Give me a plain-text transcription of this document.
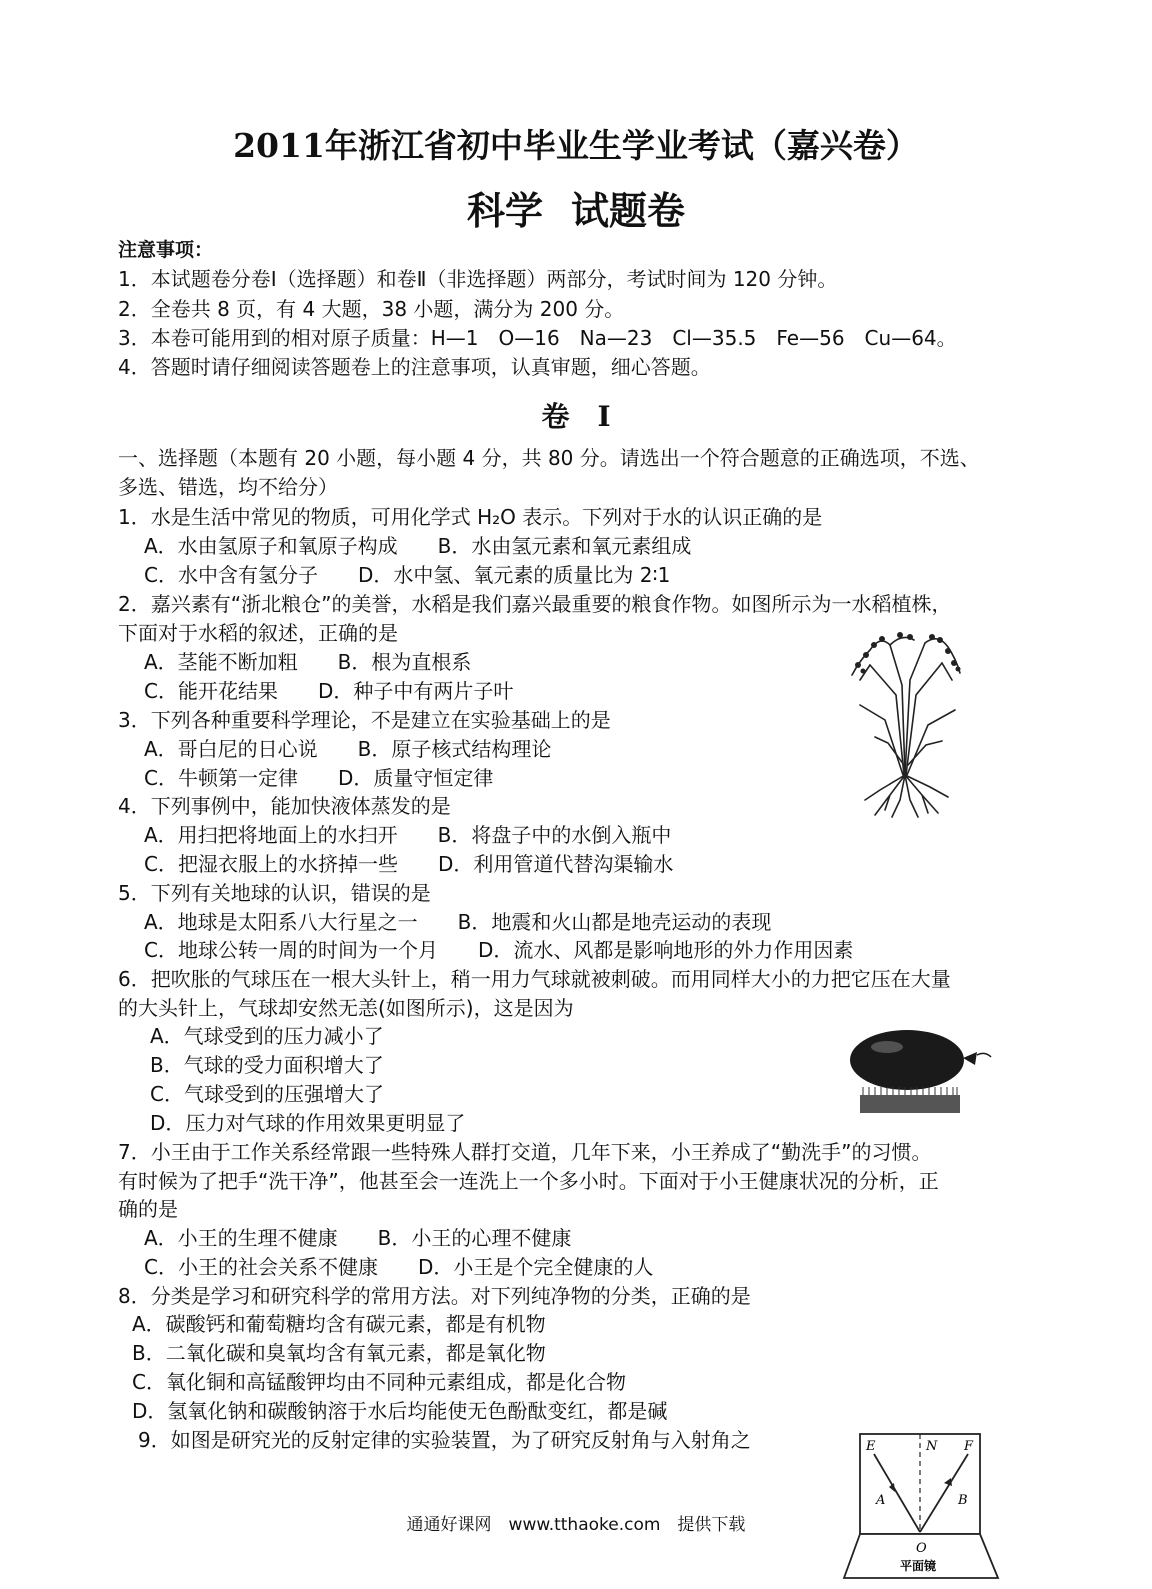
2011年浙江省初中毕业生学业考试（嘉兴卷）
科学 试题卷
注意事项：
1．本试题卷分卷Ⅰ（选择题）和卷Ⅱ（非选择题）两部分，考试时间为 120 分钟。
2．全卷共 8 页，有 4 大题，38 小题，满分为 200 分。
3．本卷可能用到的相对原子质量：H—1　O—16　Na—23　Cl—35.5　Fe—56　Cu—64。
4．答题时请仔细阅读答题卷上的注意事项，认真审题，细心答题。
卷 I
一、选择题（本题有 20 小题，每小题 4 分，共 80 分。请选出一个符合题意的正确选项，不选、
多选、错选，均不给分）
1．水是生活中常见的物质，可用化学式 H₂O 表示。下列对于水的认识正确的是
A．水由氢原子和氧原子构成　　B．水由氢元素和氧元素组成
C．水中含有氢分子　　D．水中氢、氧元素的质量比为 2∶1
2．嘉兴素有“浙北粮仓”的美誉，水稻是我们嘉兴最重要的粮食作物。如图所示为一水稻植株，
下面对于水稻的叙述，正确的是
A．茎能不断加粗　　B．根为直根系
C．能开花结果　　D．种子中有两片子叶
3．下列各种重要科学理论，不是建立在实验基础上的是
A．哥白尼的日心说　　B．原子核式结构理论
C．牛顿第一定律　　D．质量守恒定律
4．下列事例中，能加快液体蒸发的是
A．用扫把将地面上的水扫开　　B．将盘子中的水倒入瓶中
C．把湿衣服上的水挤掉一些　　D．利用管道代替沟渠输水
5．下列有关地球的认识，错误的是
A．地球是太阳系八大行星之一　　B．地震和火山都是地壳运动的表现
C．地球公转一周的时间为一个月　　D．流水、风都是影响地形的外力作用因素
6．把吹胀的气球压在一根大头针上，稍一用力气球就被刺破。而用同样大小的力把它压在大量
的大头针上，气球却安然无恙(如图所示)，这是因为
A．气球受到的压力减小了
B．气球的受力面积增大了
C．气球受到的压强增大了
D．压力对气球的作用效果更明显了
7．小王由于工作关系经常跟一些特殊人群打交道，几年下来，小王养成了“勤洗手”的习惯。
有时候为了把手“洗干净”，他甚至会一连洗上一个多小时。下面对于小王健康状况的分析，正
确的是
A．小王的生理不健康　　B．小王的心理不健康
C．小王的社会关系不健康　　D．小王是个完全健康的人
8．分类是学习和研究科学的常用方法。对下列纯净物的分类，正确的是
A．碳酸钙和葡萄糖均含有碳元素，都是有机物
B．二氧化碳和臭氧均含有氧元素，都是氧化物
C．氧化铜和高锰酸钾均由不同种元素组成，都是化合物
D．氢氧化钠和碳酸钠溶于水后均能使无色酚酞变红，都是碱
9．如图是研究光的反射定律的实验装置，为了研究反射角与入射角之	E	N F
A	B
O
平面镜
通通好课网　www.tthaoke.com　提供下载
